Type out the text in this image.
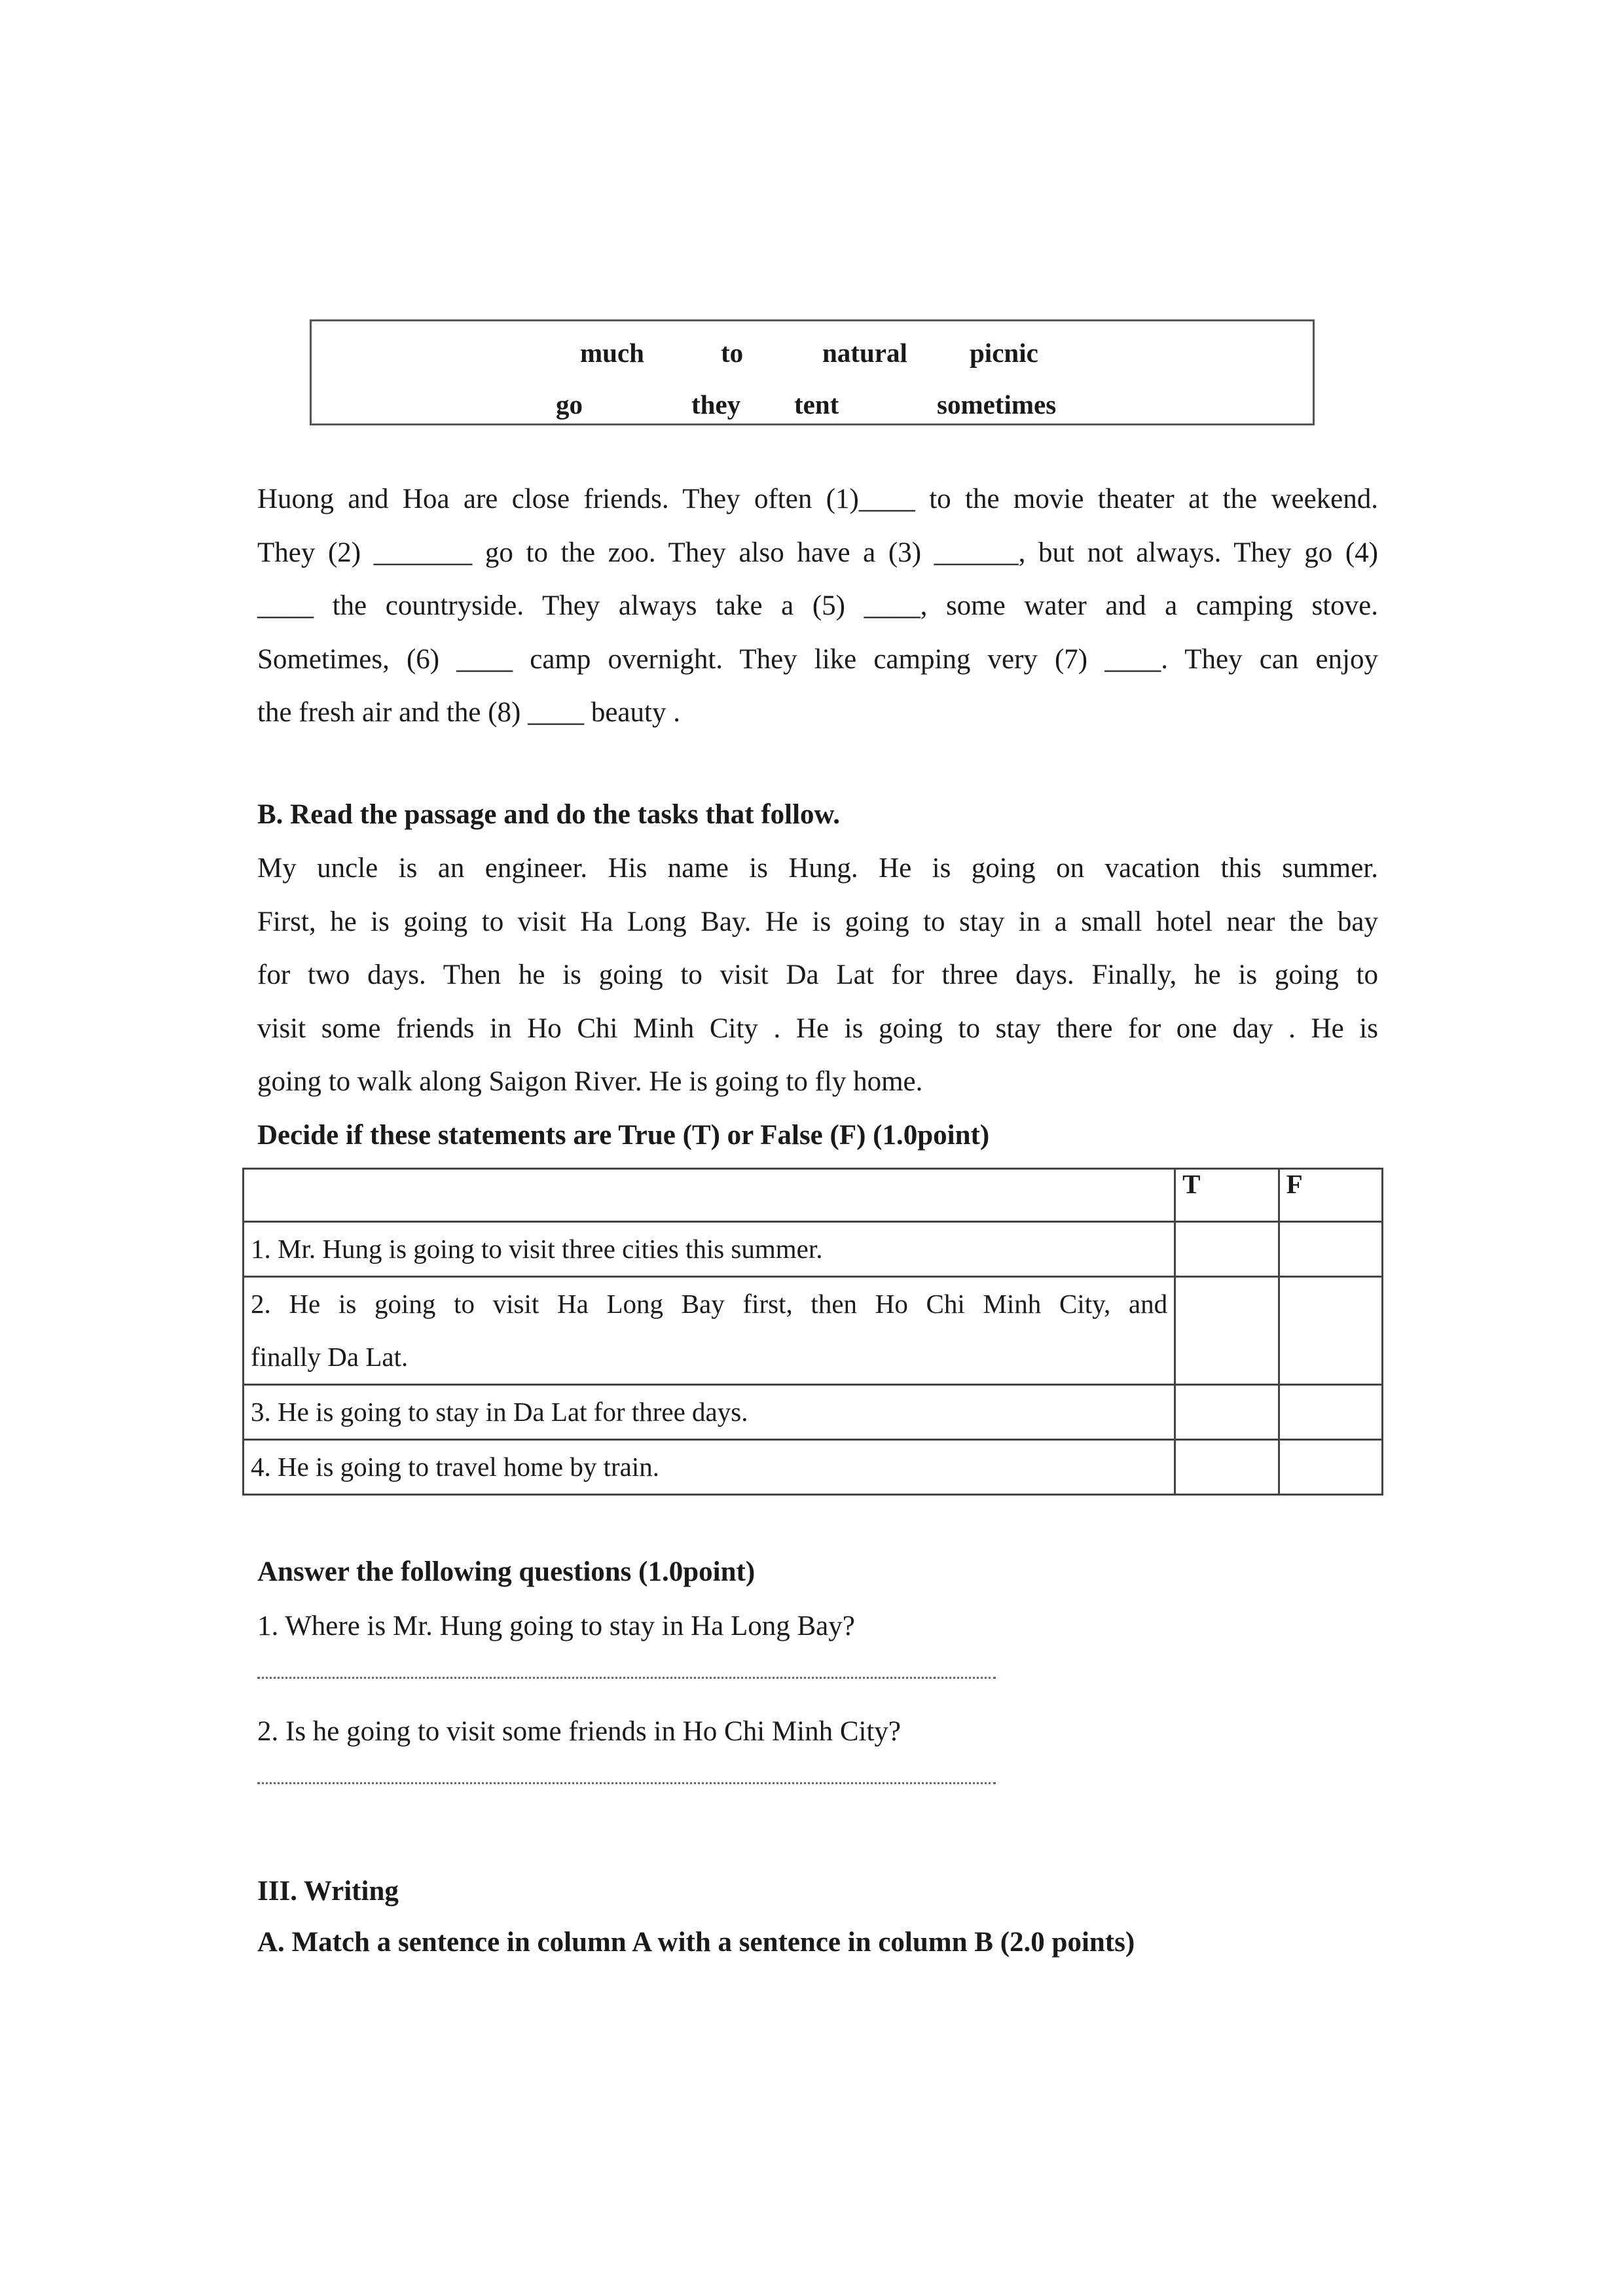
much	to	natural picnic
go	they tent	sometimes
Huong and Hoa are close friends. They often (1)____ to the movie theater at the weekend.
They (2) _______ go to the zoo. They also have a (3) ______, but not always. They go (4)
____ the countryside. They always take a (5) ____, some water and a camping stove.
Sometimes, (6) ____ camp overnight. They like camping very (7) ____. They can enjoy
the fresh air and the (8) ____ beauty .
B. Read the passage and do the tasks that follow.
My uncle is an engineer. His name is Hung. He is going on vacation this summer.
First, he is going to visit Ha Long Bay. He is going to stay in a small hotel near the bay
for two days. Then he is going to visit Da Lat for three days. Finally, he is going to
visit some friends in Ho Chi Minh City . He is going to stay there for one day . He is
going to walk along Saigon River. He is going to fly home.
Decide if these statements are True (T) or False (F) (1.0point)
	T	F
1. Mr. Hung is going to visit three cities this summer.		

2. He is going to visit Ha Long Bay first, then Ho Chi Minh City, and
finally Da Lat.		

3. He is going to stay in Da Lat for three days.		
4. He is going to travel home by train.		
Answer the following questions (1.0point)
1. Where is Mr. Hung going to stay in Ha Long Bay?
2. Is he going to visit some friends in Ho Chi Minh City?
III. Writing
A. Match a sentence in column A with a sentence in column B (2.0 points)
